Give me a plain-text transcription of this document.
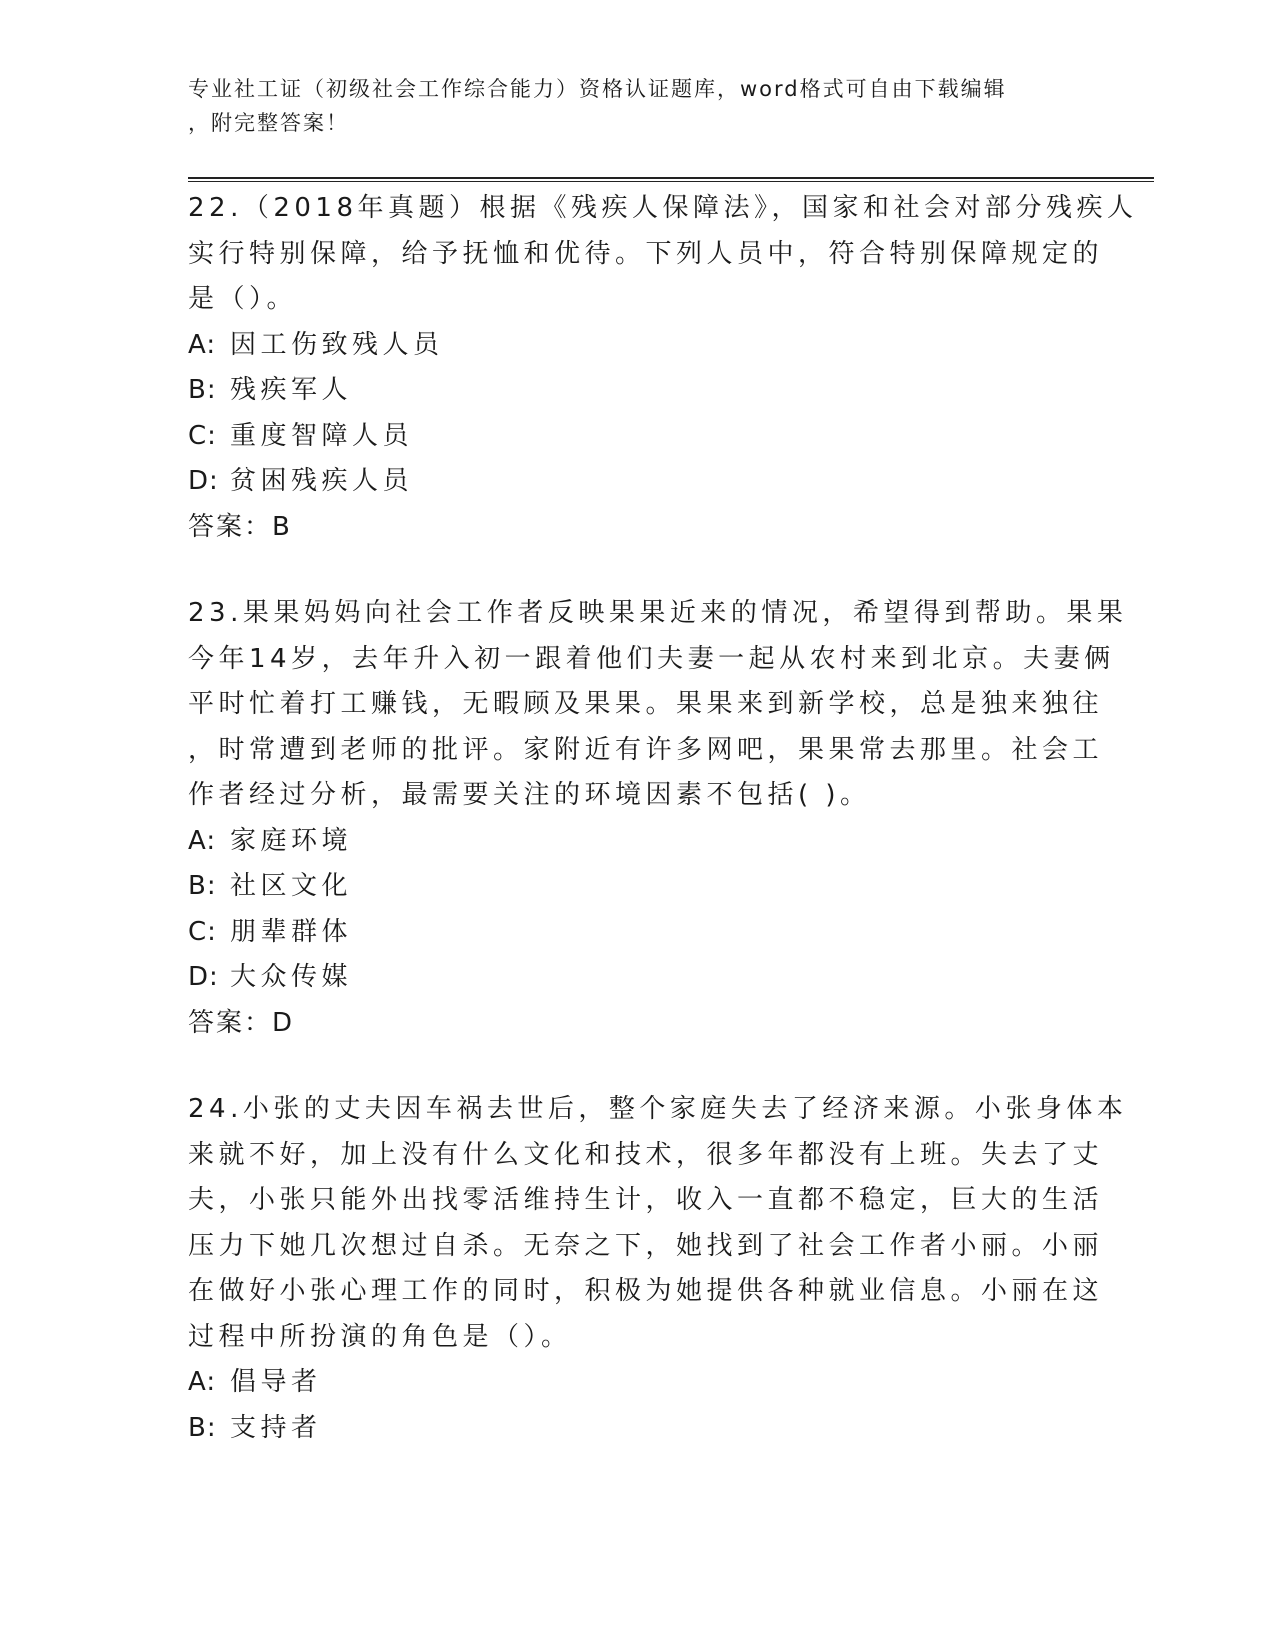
专业社工证（初级社会工作综合能力）资格认证题库，word格式可自由下载编辑
，附完整答案！
22.（2018年真题）根据《残疾人保障法》，国家和社会对部分残疾人
实行特别保障，给予抚恤和优待。下列人员中，符合特别保障规定的
是（）。
A: 因工伤致残人员
B: 残疾军人
C: 重度智障人员
D: 贫困残疾人员
答案：B
23.果果妈妈向社会工作者反映果果近来的情况，希望得到帮助。果果
今年14岁，去年升入初一跟着他们夫妻一起从农村来到北京。夫妻俩
平时忙着打工赚钱，无暇顾及果果。果果来到新学校，总是独来独往
，时常遭到老师的批评。家附近有许多网吧，果果常去那里。社会工
作者经过分析，最需要关注的环境因素不包括( )。
A: 家庭环境
B: 社区文化
C: 朋辈群体
D: 大众传媒
答案：D
24.小张的丈夫因车祸去世后，整个家庭失去了经济来源。小张身体本
来就不好，加上没有什么文化和技术，很多年都没有上班。失去了丈
夫，小张只能外出找零活维持生计，收入一直都不稳定，巨大的生活
压力下她几次想过自杀。无奈之下，她找到了社会工作者小丽。小丽
在做好小张心理工作的同时，积极为她提供各种就业信息。小丽在这
过程中所扮演的角色是（）。
A: 倡导者
B: 支持者
